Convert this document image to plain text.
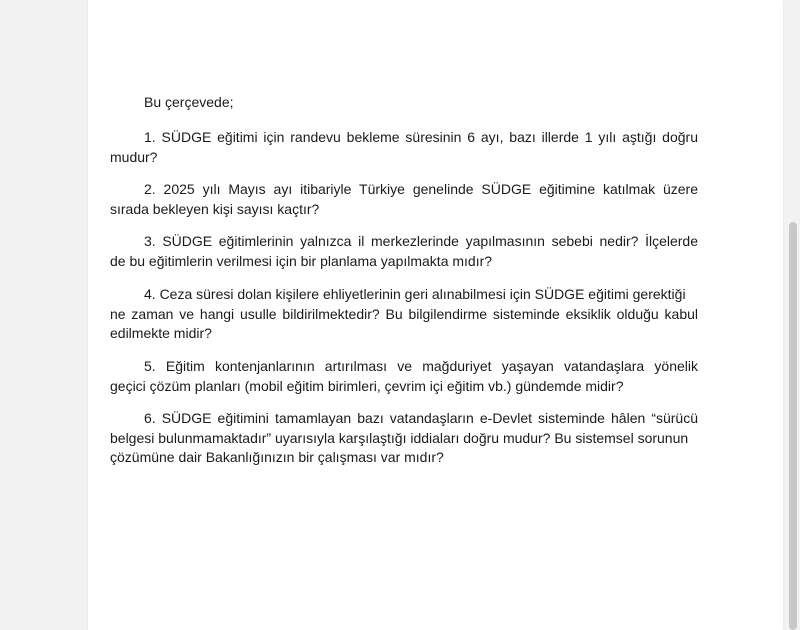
Bu çerçevede;
1. SÜDGE eğitimi için randevu bekleme süresinin 6 ayı, bazı illerde 1 yılı aştığı doğru
mudur?
2. 2025 yılı Mayıs ayı itibariyle Türkiye genelinde SÜDGE eğitimine katılmak üzere
sırada bekleyen kişi sayısı kaçtır?
3. SÜDGE eğitimlerinin yalnızca il merkezlerinde yapılmasının sebebi nedir? İlçelerde
de bu eğitimlerin verilmesi için bir planlama yapılmakta mıdır?
4. Ceza süresi dolan kişilere ehliyetlerinin geri alınabilmesi için SÜDGE eğitimi gerektiği
ne zaman ve hangi usulle bildirilmektedir? Bu bilgilendirme sisteminde eksiklik olduğu kabul
edilmekte midir?
5. Eğitim kontenjanlarının artırılması ve mağduriyet yaşayan vatandaşlara yönelik
geçici çözüm planları (mobil eğitim birimleri, çevrim içi eğitim vb.) gündemde midir?
6. SÜDGE eğitimini tamamlayan bazı vatandaşların e-Devlet sisteminde hâlen “sürücü
belgesi bulunmamaktadır” uyarısıyla karşılaştığı iddiaları doğru mudur? Bu sistemsel sorunun
çözümüne dair Bakanlığınızın bir çalışması var mıdır?
